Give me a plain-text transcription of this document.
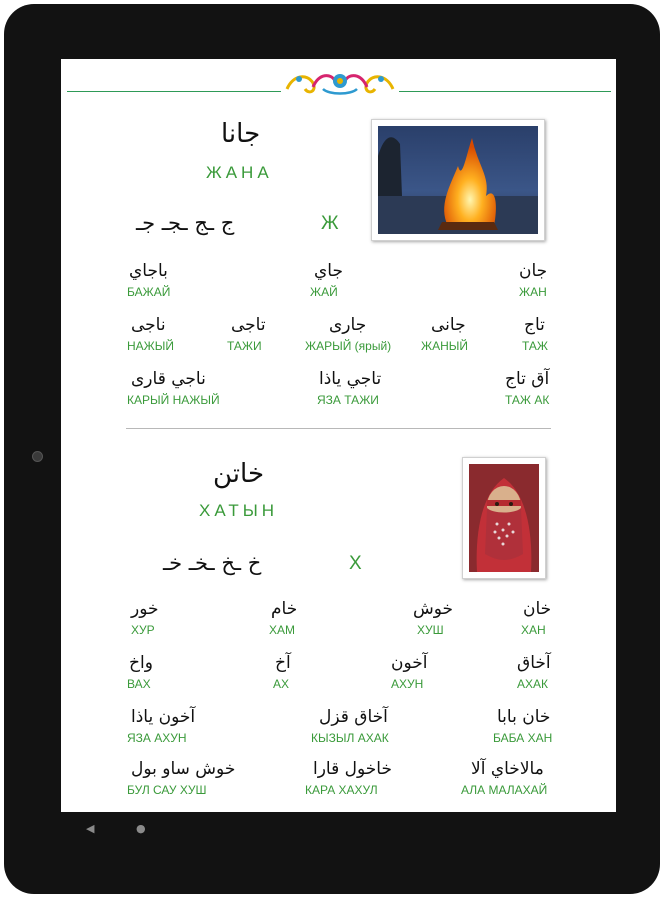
جانا
ЖАНА
Ж
ج ـج ـجـ جـ
جان
ЖАН
جاي
ЖАЙ
باجاي
БАЖАЙ
تاج
ТАЖ
جانى
ЖАНЫЙ
جارى
ЖАРЫЙ (ярый)
تاجى
ТАЖИ
ناجى
НАЖЫЙ
آق تاج
ТАЖ АК
تاجي ياذا
ЯЗА ТАЖИ
ناجي قارى
КАРЫЙ НАЖЫЙ
خاتن
ХАТЫН
Х
خ ـخ ـخـ خـ
خان
ХАН
خوش
ХУШ
خام
ХАМ
خور
ХУР
آخاق
АХАК
آخون
АХУН
آخ
АХ
واخ
ВАХ
خان بابا
БАБА ХАН
آخاق قزل
КЫЗЫЛ АХАК
آخون ياذا
ЯЗА АХУН
مالاخاي آلا
АЛА МАЛАХАЙ
خاخول قارا
КАРА ХАХУЛ
خوش ساو بول
БУЛ САУ ХУШ
◀	●
